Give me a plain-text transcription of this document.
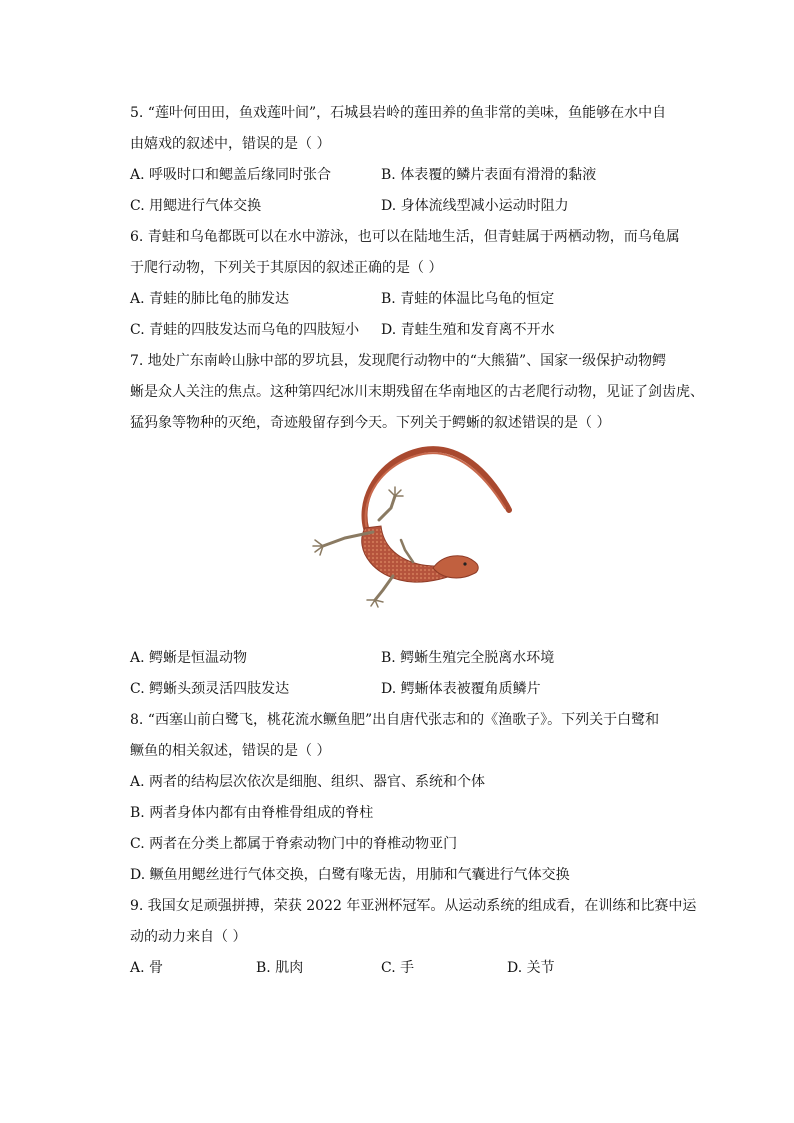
5. “莲叶何田田，鱼戏莲叶间”，石城县岩岭的莲田养的鱼非常的美味，鱼能够在水中自
由嬉戏的叙述中，错误的是（ ）
A. 呼吸时口和鳃盖后缘同时张合	B. 体表覆的鳞片表面有滑滑的黏液
C. 用鳃进行气体交换	D. 身体流线型减小运动时阻力
6. 青蛙和乌龟都既可以在水中游泳，也可以在陆地生活，但青蛙属于两栖动物，而乌龟属
于爬行动物，下列关于其原因的叙述正确的是（ ）
A. 青蛙的肺比龟的肺发达	B. 青蛙的体温比乌龟的恒定
C. 青蛙的四肢发达而乌龟的四肢短小 D. 青蛙生殖和发育离不开水
7. 地处广东南岭山脉中部的罗坑县，发现爬行动物中的“大熊猫”、国家一级保护动物鳄
蜥是众人关注的焦点。这种第四纪冰川末期残留在华南地区的古老爬行动物，见证了剑齿虎、
猛犸象等物种的灭绝，奇迹般留存到今天。下列关于鳄蜥的叙述错误的是（ ）
A. 鳄蜥是恒温动物	B. 鳄蜥生殖完全脱离水环境
C. 鳄蜥头颈灵活四肢发达	D. 鳄蜥体表被覆角质鳞片
8. “西塞山前白鹭飞，桃花流水鳜鱼肥”出自唐代张志和的《渔歌子》。下列关于白鹭和
鳜鱼的相关叙述，错误的是（ ）
A. 两者的结构层次依次是细胞、组织、器官、系统和个体
B. 两者身体内都有由脊椎骨组成的脊柱
C. 两者在分类上都属于脊索动物门中的脊椎动物亚门
D. 鳜鱼用鳃丝进行气体交换，白鹭有喙无齿，用肺和气囊进行气体交换
9. 我国女足顽强拼搏，荣获 2022 年亚洲杯冠军。从运动系统的组成看，在训练和比赛中运
动的动力来自（ ）
A. 骨	B. 肌肉	C. 手	D. 关节
